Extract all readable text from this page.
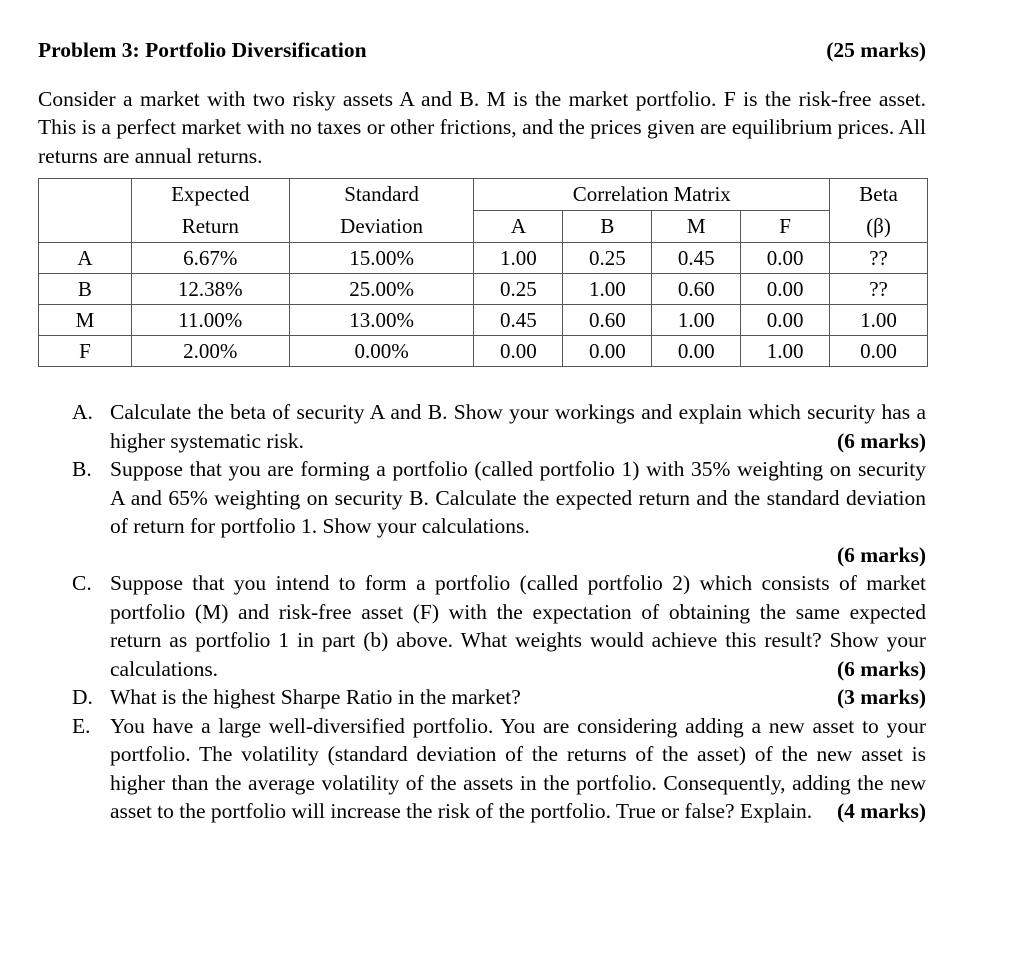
Problem 3: Portfolio Diversification	(25 marks)

Consider a market with two risky assets A and B. M is the market portfolio. F is the risk-free asset. This is a perfect market with no taxes or other frictions, and the prices given are equilibrium prices. All returns are annual returns.

	Expected	Standard	Correlation Matrix				Beta
	Return	Deviation	A	B	M	F	(β)
A	6.67%	15.00%	1.00	0.25	0.45	0.00	??
B	12.38%	25.00%	0.25	1.00	0.60	0.00	??
M	11.00%	13.00%	0.45	0.60	1.00	0.00	1.00
F	2.00%	0.00%	0.00	0.00	0.00	1.00	0.00
A. Calculate the beta of security A and B. Show your workings and explain which security has a higher systematic risk.	(6 marks)
B. Suppose that you are forming a portfolio (called portfolio 1) with 35% weighting on security A and 65% weighting on security B. Calculate the expected return and the standard deviation of return for portfolio 1. Show your calculations.
(6 marks)
C. Suppose that you intend to form a portfolio (called portfolio 2) which consists of market portfolio (M) and risk-free asset (F) with the expectation of obtaining the same expected return as portfolio 1 in part (b) above. What weights would achieve this result? Show your calculations.	(6 marks)
What is the highest Sharpe Ratio in the market?	(3 marks)
D.
E. You have a large well-diversified portfolio. You are considering adding a new asset to your portfolio. The volatility (standard deviation of the returns of the asset) of the new asset is higher than the average volatility of the assets in the portfolio. Consequently, adding the new asset to the portfolio will increase the risk of the portfolio. True or false? Explain. (4 marks)
